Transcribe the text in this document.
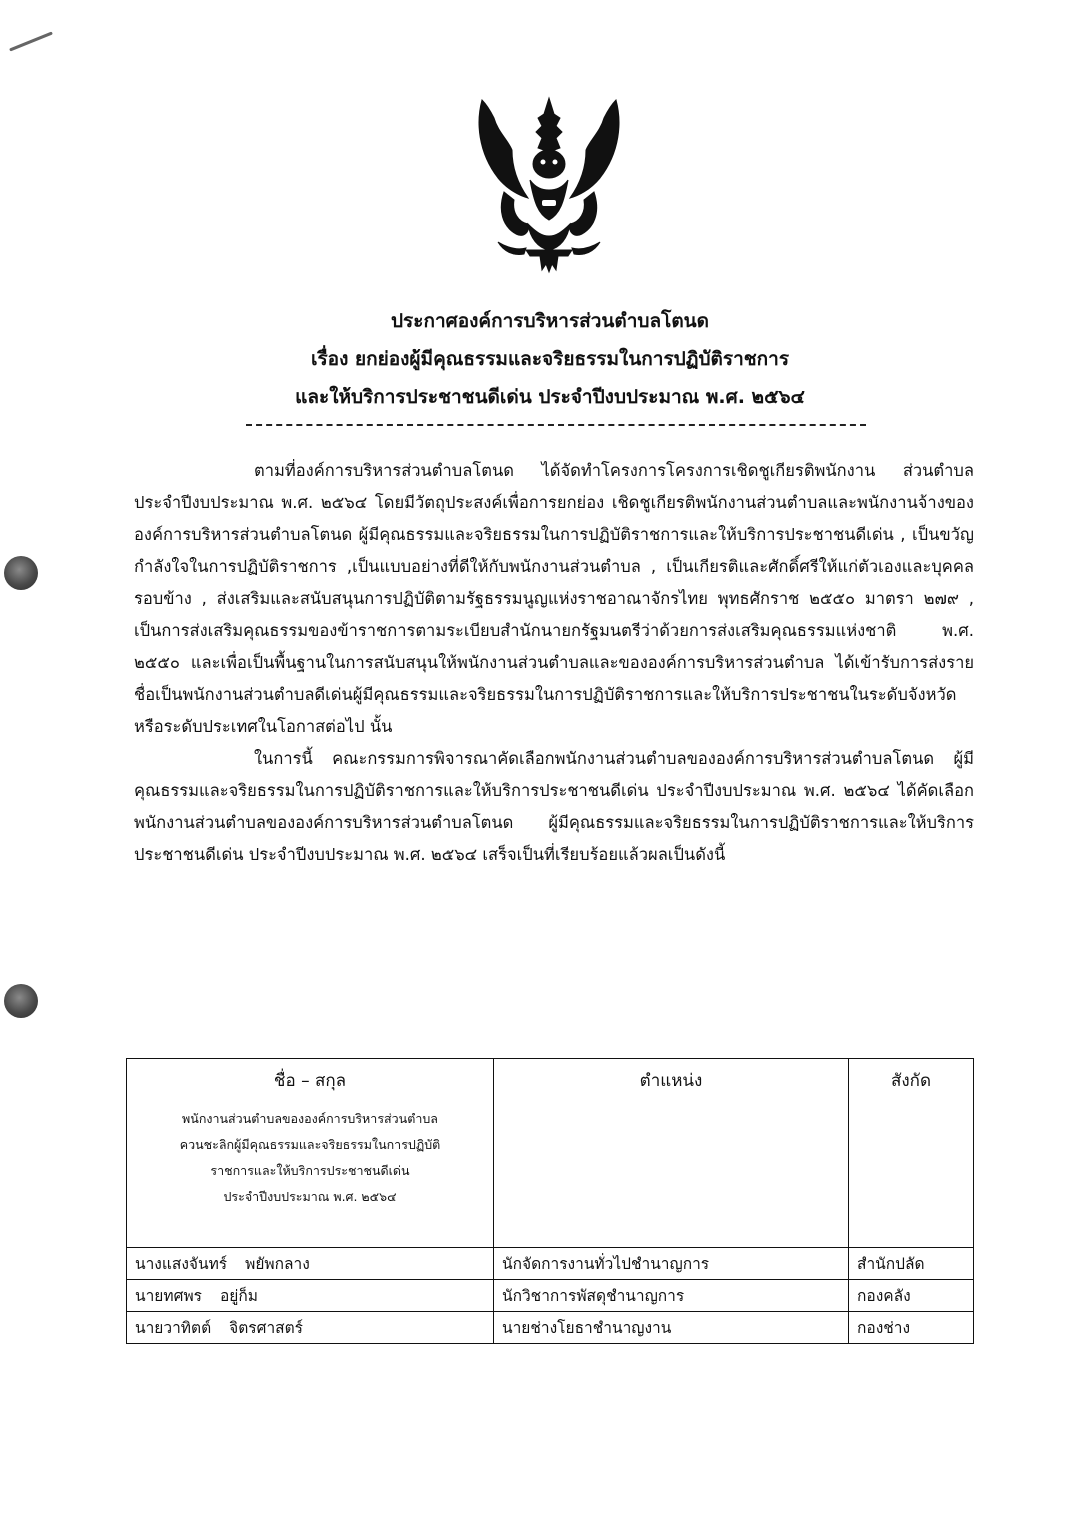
ประกาศองค์การบริหารส่วนตำบลโตนด
เรื่อง ยกย่องผู้มีคุณธรรมและจริยธรรมในการปฏิบัติราชการ
และให้บริการประชาชนดีเด่น ประจำปีงบประมาณ พ.ศ. ๒๕๖๔

ตามที่องค์การบริหารส่วนตำบลโตนด ได้จัดทำโครงการโครงการเชิดชูเกียรติพนักงาน ส่วนตำบล ประจำปีงบประมาณ พ.ศ. ๒๕๖๔ โดยมีวัตถุประสงค์เพื่อการยกย่อง เชิดชูเกียรติพนักงานส่วนตำบลและพนักงานจ้างขององค์การบริหารส่วนตำบลโตนด ผู้มีคุณธรรมและจริยธรรมในการปฏิบัติราชการและให้บริการประชาชนดีเด่น , เป็นขวัญกำลังใจในการปฏิบัติราชการ ,เป็นแบบอย่างที่ดีให้กับพนักงานส่วนตำบล , เป็นเกียรติและศักดิ์ศรีให้แก่ตัวเองและบุคคลรอบข้าง , ส่งเสริมและสนับสนุนการปฏิบัติตามรัฐธรรมนูญแห่งราชอาณาจักรไทย พุทธศักราช ๒๕๕๐ มาตรา ๒๗๙ , เป็นการส่งเสริมคุณธรรมของข้าราชการตามระเบียบสำนักนายกรัฐมนตรีว่าด้วยการส่งเสริมคุณธรรมแห่งชาติ พ.ศ. ๒๕๕๐ และเพื่อเป็นพื้นฐานในการสนับสนุนให้พนักงานส่วนตำบลและขององค์การบริหารส่วนตำบล ได้เข้ารับการส่งรายชื่อเป็นพนักงานส่วนตำบลดีเด่นผู้มีคุณธรรมและจริยธรรมในการปฏิบัติราชการและให้บริการประชาชนในระดับจังหวัดหรือระดับประเทศในโอกาสต่อไป นั้น

ในการนี้ คณะกรรมการพิจารณาคัดเลือกพนักงานส่วนตำบลขององค์การบริหารส่วนตำบลโตนด ผู้มีคุณธรรมและจริยธรรมในการปฏิบัติราชการและให้บริการประชาชนดีเด่น ประจำปีงบประมาณ พ.ศ. ๒๕๖๔ ได้คัดเลือกพนักงานส่วนตำบลขององค์การบริหารส่วนตำบลโตนด ผู้มีคุณธรรมและจริยธรรมในการปฏิบัติราชการและให้บริการประชาชนดีเด่น ประจำปีงบประมาณ พ.ศ. ๒๕๖๔ เสร็จเป็นที่เรียบร้อยแล้วผลเป็นดังนี้

ชื่อ – สกุล
พนักงานส่วนตำบลขององค์การบริหารส่วนตำบล
ควนชะลิกผู้มีคุณธรรมและจริยธรรมในการปฏิบัติ
ราชการและให้บริการประชาชนดีเด่น
ประจำปีงบประมาณ พ.ศ. ๒๕๖๔	ตำแหน่ง	สังกัด
นางแสงจันทร์ พยัพกลาง	นักจัดการงานทั่วไปชำนาญการ	สำนักปลัด
นายทศพร อยู่ก็ม	นักวิชาการพัสดุชำนาญการ	กองคลัง
นายวาทิตต์ จิตรศาสตร์	นายช่างโยธาชำนาญงาน	กองช่าง
